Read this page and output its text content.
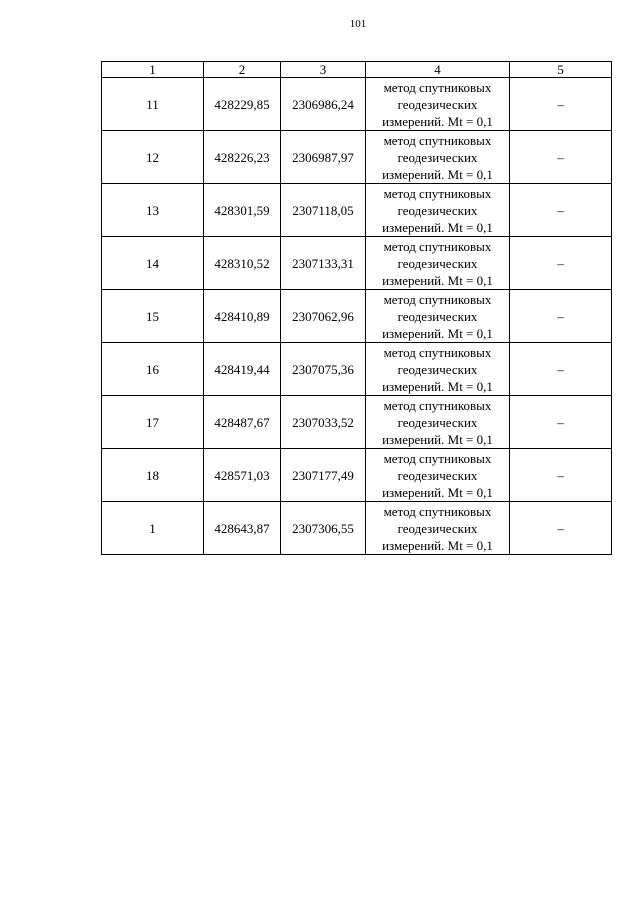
101
1	2	3	4	5
11	428229,85	2306986,24	метод спутниковых
геодезических
измерений. Mt = 0,1	–
12	428226,23	2306987,97	метод спутниковых
геодезических
измерений. Mt = 0,1	–
13	428301,59	2307118,05	метод спутниковых
геодезических
измерений. Mt = 0,1	–
14	428310,52	2307133,31	метод спутниковых
геодезических
измерений. Mt = 0,1	–
15	428410,89	2307062,96	метод спутниковых
геодезических
измерений. Mt = 0,1	–
16	428419,44	2307075,36	метод спутниковых
геодезических
измерений. Mt = 0,1	–
17	428487,67	2307033,52	метод спутниковых
геодезических
измерений. Mt = 0,1	–
18	428571,03	2307177,49	метод спутниковых
геодезических
измерений. Mt = 0,1	–
1	428643,87	2307306,55	метод спутниковых
геодезических
измерений. Mt = 0,1	–
